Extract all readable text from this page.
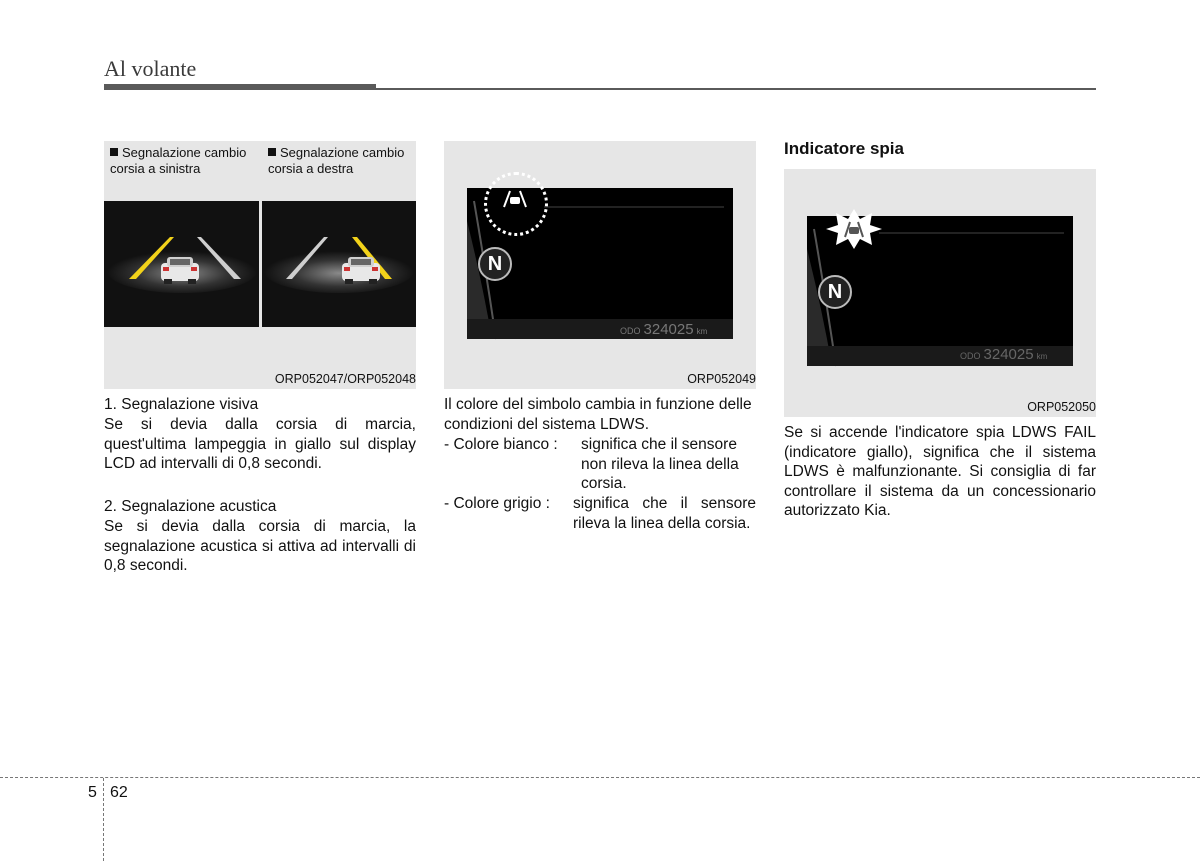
Al volante
Segnalazione cambio corsia a sinistra
Segnalazione cambio corsia a destra
ORP052047/ORP052048
1. Segnalazione visiva
Se si devia dalla corsia di marcia, quest'ultima lampeggia in giallo sul display LCD ad intervalli di 0,8 secondi.
2. Segnalazione acustica
Se si devia dalla corsia di marcia, la segnalazione acustica si attiva ad intervalli di 0,8 secondi.
N
ODO 324025 km
ORP052049
Il colore del simbolo cambia in funzione delle condizioni del sistema LDWS.
- Colore bianco : significa che il sensore non rileva la linea della corsia.
- Colore grigio : significa che il sensore rileva la linea della corsia.
Indicatore spia
N
ODO 324025 km
ORP052050
Se si accende l'indicatore spia LDWS FAIL (indicatore giallo), significa che il sistema LDWS è malfunzionante. Si consiglia di far controllare il sistema da un concessionario autorizzato Kia.
5 62
